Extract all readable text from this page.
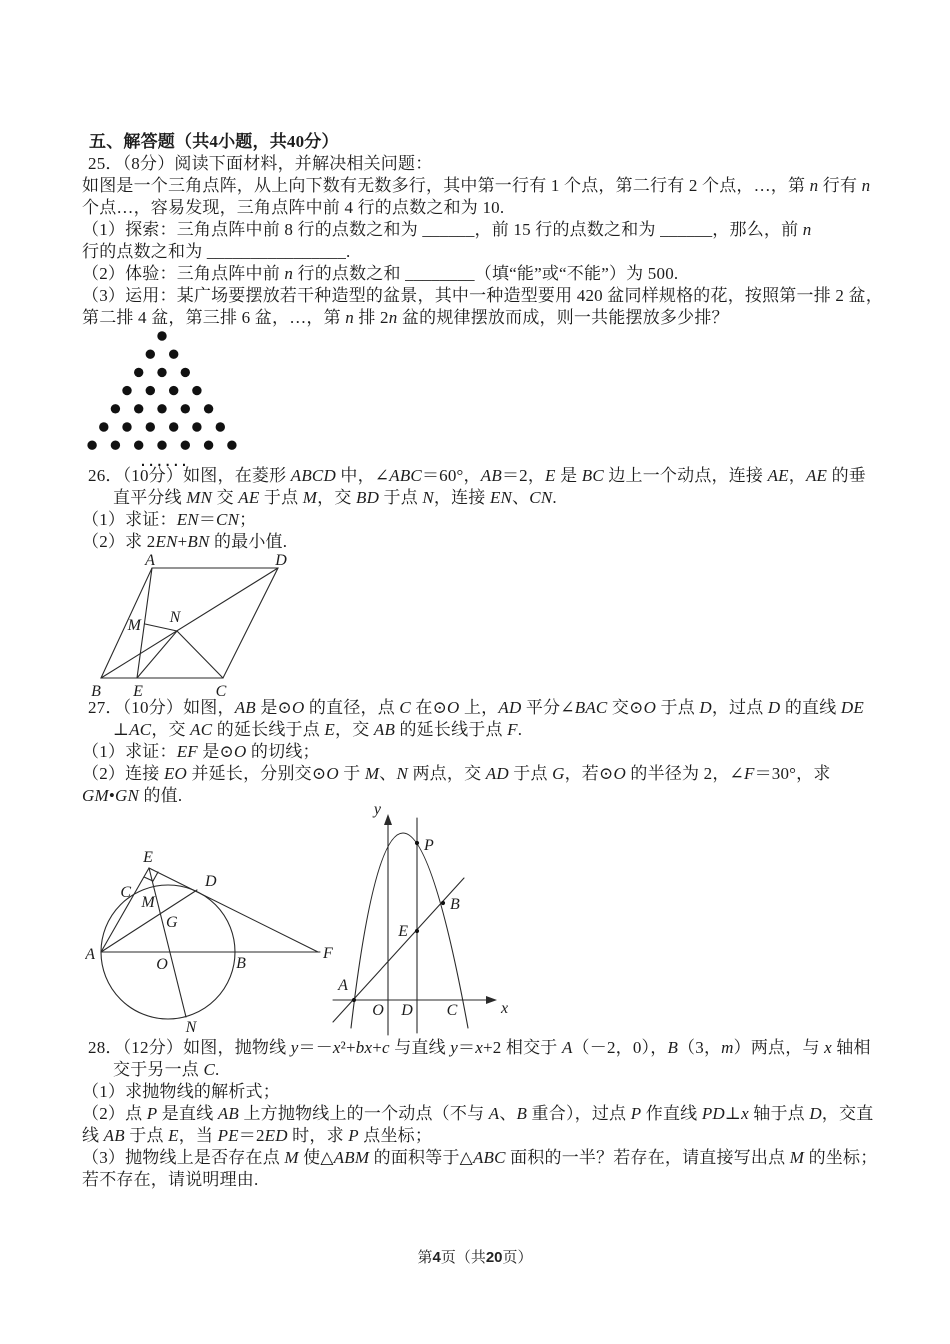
五、解答题（共4小题，共40分）
25．（8分）阅读下面材料，并解决相关问题：
如图是一个三角点阵，从上向下数有无数多行，其中第一行有 1 个点，第二行有 2 个点，…，第 n 行有 n
个点…，容易发现，三角点阵中前 4 行的点数之和为 10.
（1）探索：三角点阵中前 8 行的点数之和为 ______，前 15 行的点数之和为 ______，那么，前 n
行的点数之和为 ________________.
（2）体验：三角点阵中前 n 行的点数之和 ________（填“能”或“不能”）为 500.
（3）运用：某广场要摆放若干种造型的盆景，其中一种造型要用 420 盆同样规格的花，按照第一排 2 盆，
第二排 4 盆，第三排 6 盆，…，第 n 排 2n 盆的规律摆放而成，则一共能摆放多少排？
......
26．（10分）如图，在菱形 ABCD 中，∠ABC＝60°，AB＝2，E 是 BC 边上一个动点，连接 AE，AE 的垂
直平分线 MN 交 AE 于点 M，交 BD 于点 N，连接 EN、CN.
（1）求证：EN＝CN；
（2）求 2EN+BN 的最小值.
A	D
B E	C
M N
27．（10分）如图，AB 是⊙O 的直径，点 C 在⊙O 上，AD 平分∠BAC 交⊙O 于点 D，过点 D 的直线 DE
⊥AC，交 AC 的延长线于点 E，交 AB 的延长线于点 F.
（1）求证：EF 是⊙O 的切线；
（2）连接 EO 并延长，分别交⊙O 于 M、N 两点，交 AD 于点 G，若⊙O 的半径为 2，∠F＝30°，求
GM•GN 的值.
E
C
M
D
G
A
O	B
F
N
y
x
A
O D C
P
B
E
28．（12分）如图，抛物线 y＝－x²+bx+c 与直线 y＝x+2 相交于 A（－2，0），B（3，m）两点，与 x 轴相
交于另一点 C.
（1）求抛物线的解析式；
（2）点 P 是直线 AB 上方抛物线上的一个动点（不与 A、B 重合），过点 P 作直线 PD⊥x 轴于点 D，交直
线 AB 于点 E，当 PE＝2ED 时，求 P 点坐标；
（3）抛物线上是否存在点 M 使△ABM 的面积等于△ABC 面积的一半？若存在，请直接写出点 M 的坐标；
若不存在，请说明理由.
第4页（共20页）
